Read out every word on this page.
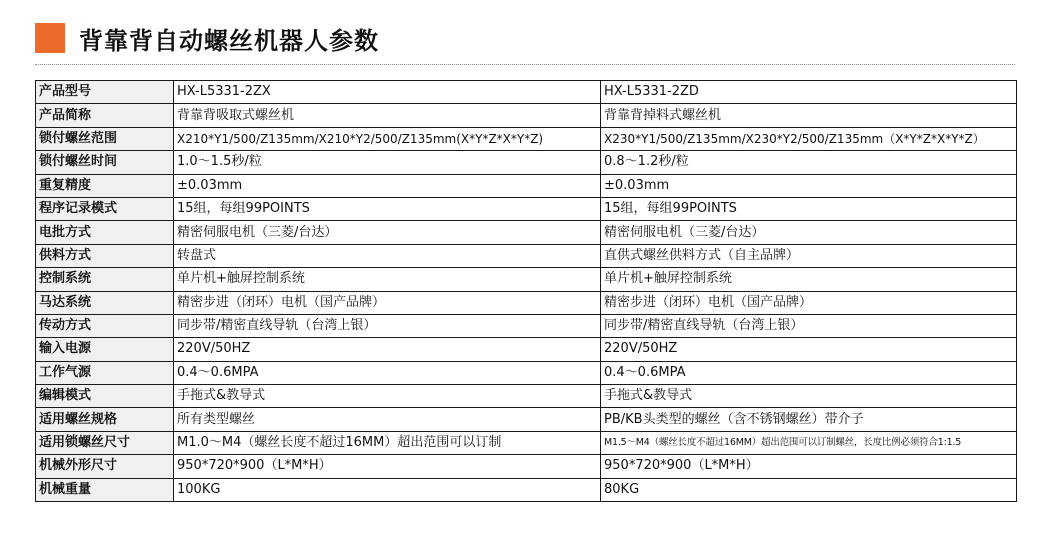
背靠背自动螺丝机器人参数
产品型号	HX-L5331-2ZX	HX-L5331-2ZD
产品简称	背靠背吸取式螺丝机	背靠背掉料式螺丝机
锁付螺丝范围	X210*Y1/500/Z135mm/X210*Y2/500/Z135mm(X*Y*Z*X*Y*Z)	X230*Y1/500/Z135mm/X230*Y2/500/Z135mm（X*Y*Z*X*Y*Z）
锁付螺丝时间	1.0～1.5秒/粒	0.8～1.2秒/粒
重复精度	±0.03mm	±0.03mm
程序记录模式	15组，每组99POINTS	15组，每组99POINTS
电批方式	精密伺服电机（三菱/台达）	精密伺服电机（三菱/台达）
供料方式	转盘式	直供式螺丝供料方式（自主品牌）
控制系统	单片机+触屏控制系统	单片机+触屏控制系统
马达系统	精密步进（闭环）电机（国产品牌）	精密步进（闭环）电机（国产品牌）
传动方式	同步带/精密直线导轨（台湾上银）	同步带/精密直线导轨（台湾上银）
输入电源	220V/50HZ	220V/50HZ
工作气源	0.4～0.6MPA	0.4～0.6MPA
编辑模式	手拖式&教导式	手拖式&教导式
适用螺丝规格	所有类型螺丝	PB/KB头类型的螺丝（含不锈钢螺丝）带介子
适用锁螺丝尺寸	M1.0～M4（螺丝长度不超过16MM）超出范围可以订制	M1.5～M4（螺丝长度不超过16MM）超出范围可以订制螺丝，长度比例必须符合1:1.5
机械外形尺寸	950*720*900（L*M*H）	950*720*900（L*M*H）
机械重量	100KG	80KG
